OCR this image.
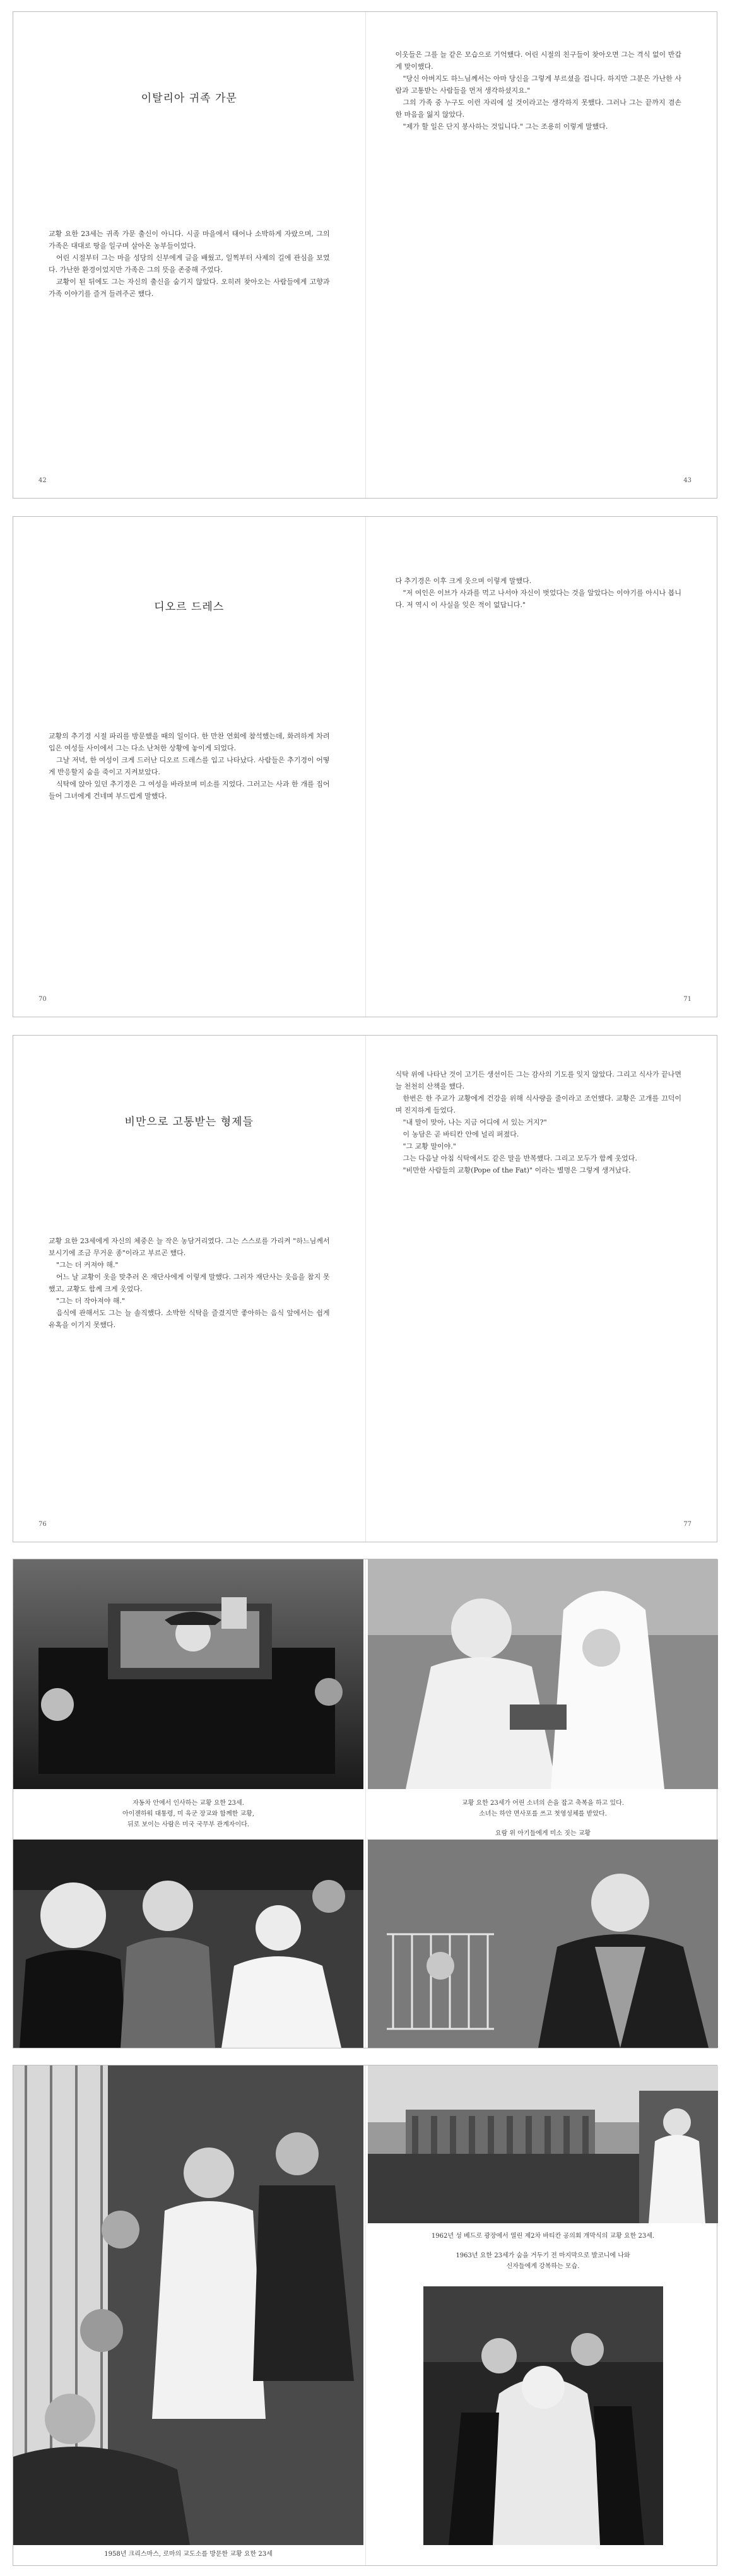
이탈리아 귀족 가문

교황 요한 23세는 귀족 가문 출신이 아니다. 시골 마을에서 태어나 소박하게 자랐으며, 그의 가족은 대대로 땅을 일구며 살아온 농부들이었다.

어린 시절부터 그는 마을 성당의 신부에게 글을 배웠고, 일찍부터 사제의 길에 관심을 보였다. 가난한 환경이었지만 가족은 그의 뜻을 존중해 주었다.

교황이 된 뒤에도 그는 자신의 출신을 숨기지 않았다. 오히려 찾아오는 사람들에게 고향과 가족 이야기를 즐겨 들려주곤 했다.

42

이웃들은 그를 늘 같은 모습으로 기억했다. 어린 시절의 친구들이 찾아오면 그는 격식 없이 반갑게 맞이했다.

"당신 아버지도 하느님께서는 아마 당신을 그렇게 부르셨을 겁니다. 하지만 그분은 가난한 사람과 고통받는 사람들을 먼저 생각하셨지요."

그의 가족 중 누구도 이런 자리에 설 것이라고는 생각하지 못했다. 그러나 그는 끝까지 겸손한 마음을 잃지 않았다.

"제가 할 일은 단지 봉사하는 것입니다." 그는 조용히 이렇게 말했다.

43
디오르 드레스

교황의 추기경 시절 파리를 방문했을 때의 일이다. 한 만찬 연회에 참석했는데, 화려하게 차려입은 여성들 사이에서 그는 다소 난처한 상황에 놓이게 되었다.

그날 저녁, 한 여성이 크게 드러난 디오르 드레스를 입고 나타났다. 사람들은 추기경이 어떻게 반응할지 숨을 죽이고 지켜보았다.

식탁에 앉아 있던 추기경은 그 여성을 바라보며 미소를 지었다. 그러고는 사과 한 개를 집어 들어 그녀에게 건네며 부드럽게 말했다.

70

다 추기경은 이후 크게 웃으며 이렇게 말했다.

"저 여인은 이브가 사과를 먹고 나서야 자신이 벗었다는 것을 알았다는 이야기를 아시나 봅니다. 저 역시 이 사실을 잊은 적이 없답니다."

71
비만으로 고통받는 형제들

교황 요한 23세에게 자신의 체중은 늘 작은 농담거리였다. 그는 스스로를 가리켜 "하느님께서 보시기에 조금 무거운 종"이라고 부르곤 했다.

"그는 더 커져야 해."

어느 날 교황이 옷을 맞추러 온 재단사에게 이렇게 말했다. 그러자 재단사는 웃음을 참지 못했고, 교황도 함께 크게 웃었다.

"그는 더 작아져야 해."

음식에 관해서도 그는 늘 솔직했다. 소박한 식탁을 즐겼지만 좋아하는 음식 앞에서는 쉽게 유혹을 이기지 못했다.

76

식탁 위에 나타난 것이 고기든 생선이든 그는 감사의 기도를 잊지 않았다. 그리고 식사가 끝나면 늘 천천히 산책을 했다.

한번은 한 주교가 교황에게 건강을 위해 식사량을 줄이라고 조언했다. 교황은 고개를 끄덕이며 진지하게 들었다.

"내 말이 맞아, 나는 지금 어디에 서 있는 거지?"

이 농담은 곧 바티칸 안에 널리 퍼졌다.

"그 교황 말이야."

그는 다음날 아침 식탁에서도 같은 말을 반복했다. 그리고 모두가 함께 웃었다.

"비만한 사람들의 교황(Pope of the Fat)" 이라는 별명은 그렇게 생겨났다.

77
자동차 안에서 인사하는 교황 요한 23세.
아이젠하워 대통령, 미 육군 장교와 함께한 교황,
뒤로 보이는 사람은 미국 국무부 관계자이다.
교황 요한 23세가 어린 소녀의 손을 잡고 축복을 하고 있다.
소녀는 하얀 면사포를 쓰고 첫영성체를 받았다.
요람 위 아기들에게 미소 짓는 교황
1958년 크리스마스, 로마의 교도소를 방문한 교황 요한 23세
1962년 성 베드로 광장에서 열린 제2차 바티칸 공의회 개막식의 교황 요한 23세.
1963년 요한 23세가 숨을 거두기 전 마지막으로 발코니에 나와
신자들에게 강복하는 모습.
